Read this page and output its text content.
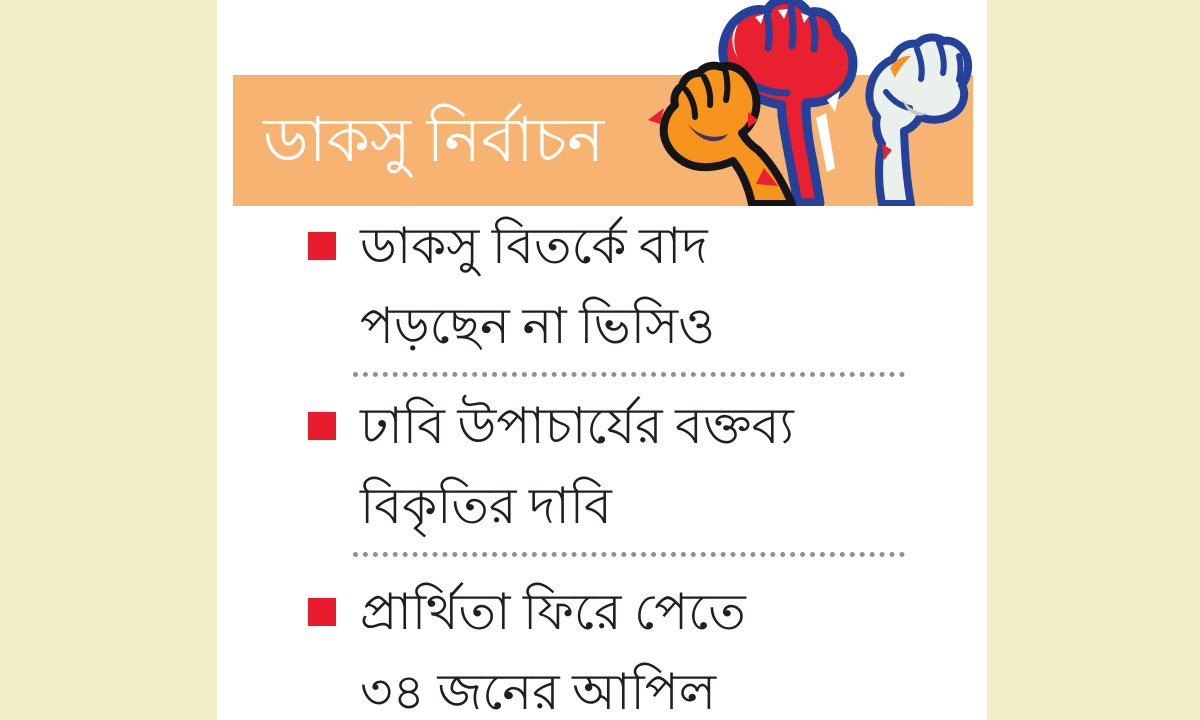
ডাকসু নির্বাচন
ডাকসু বিতর্কে বাদ
পড়ছেন না ভিসিও
ঢাবি উপাচার্যের বক্তব্য
বিকৃতির দাবি
প্রার্থিতা ফিরে পেতে
৩৪ জনের আপিল
